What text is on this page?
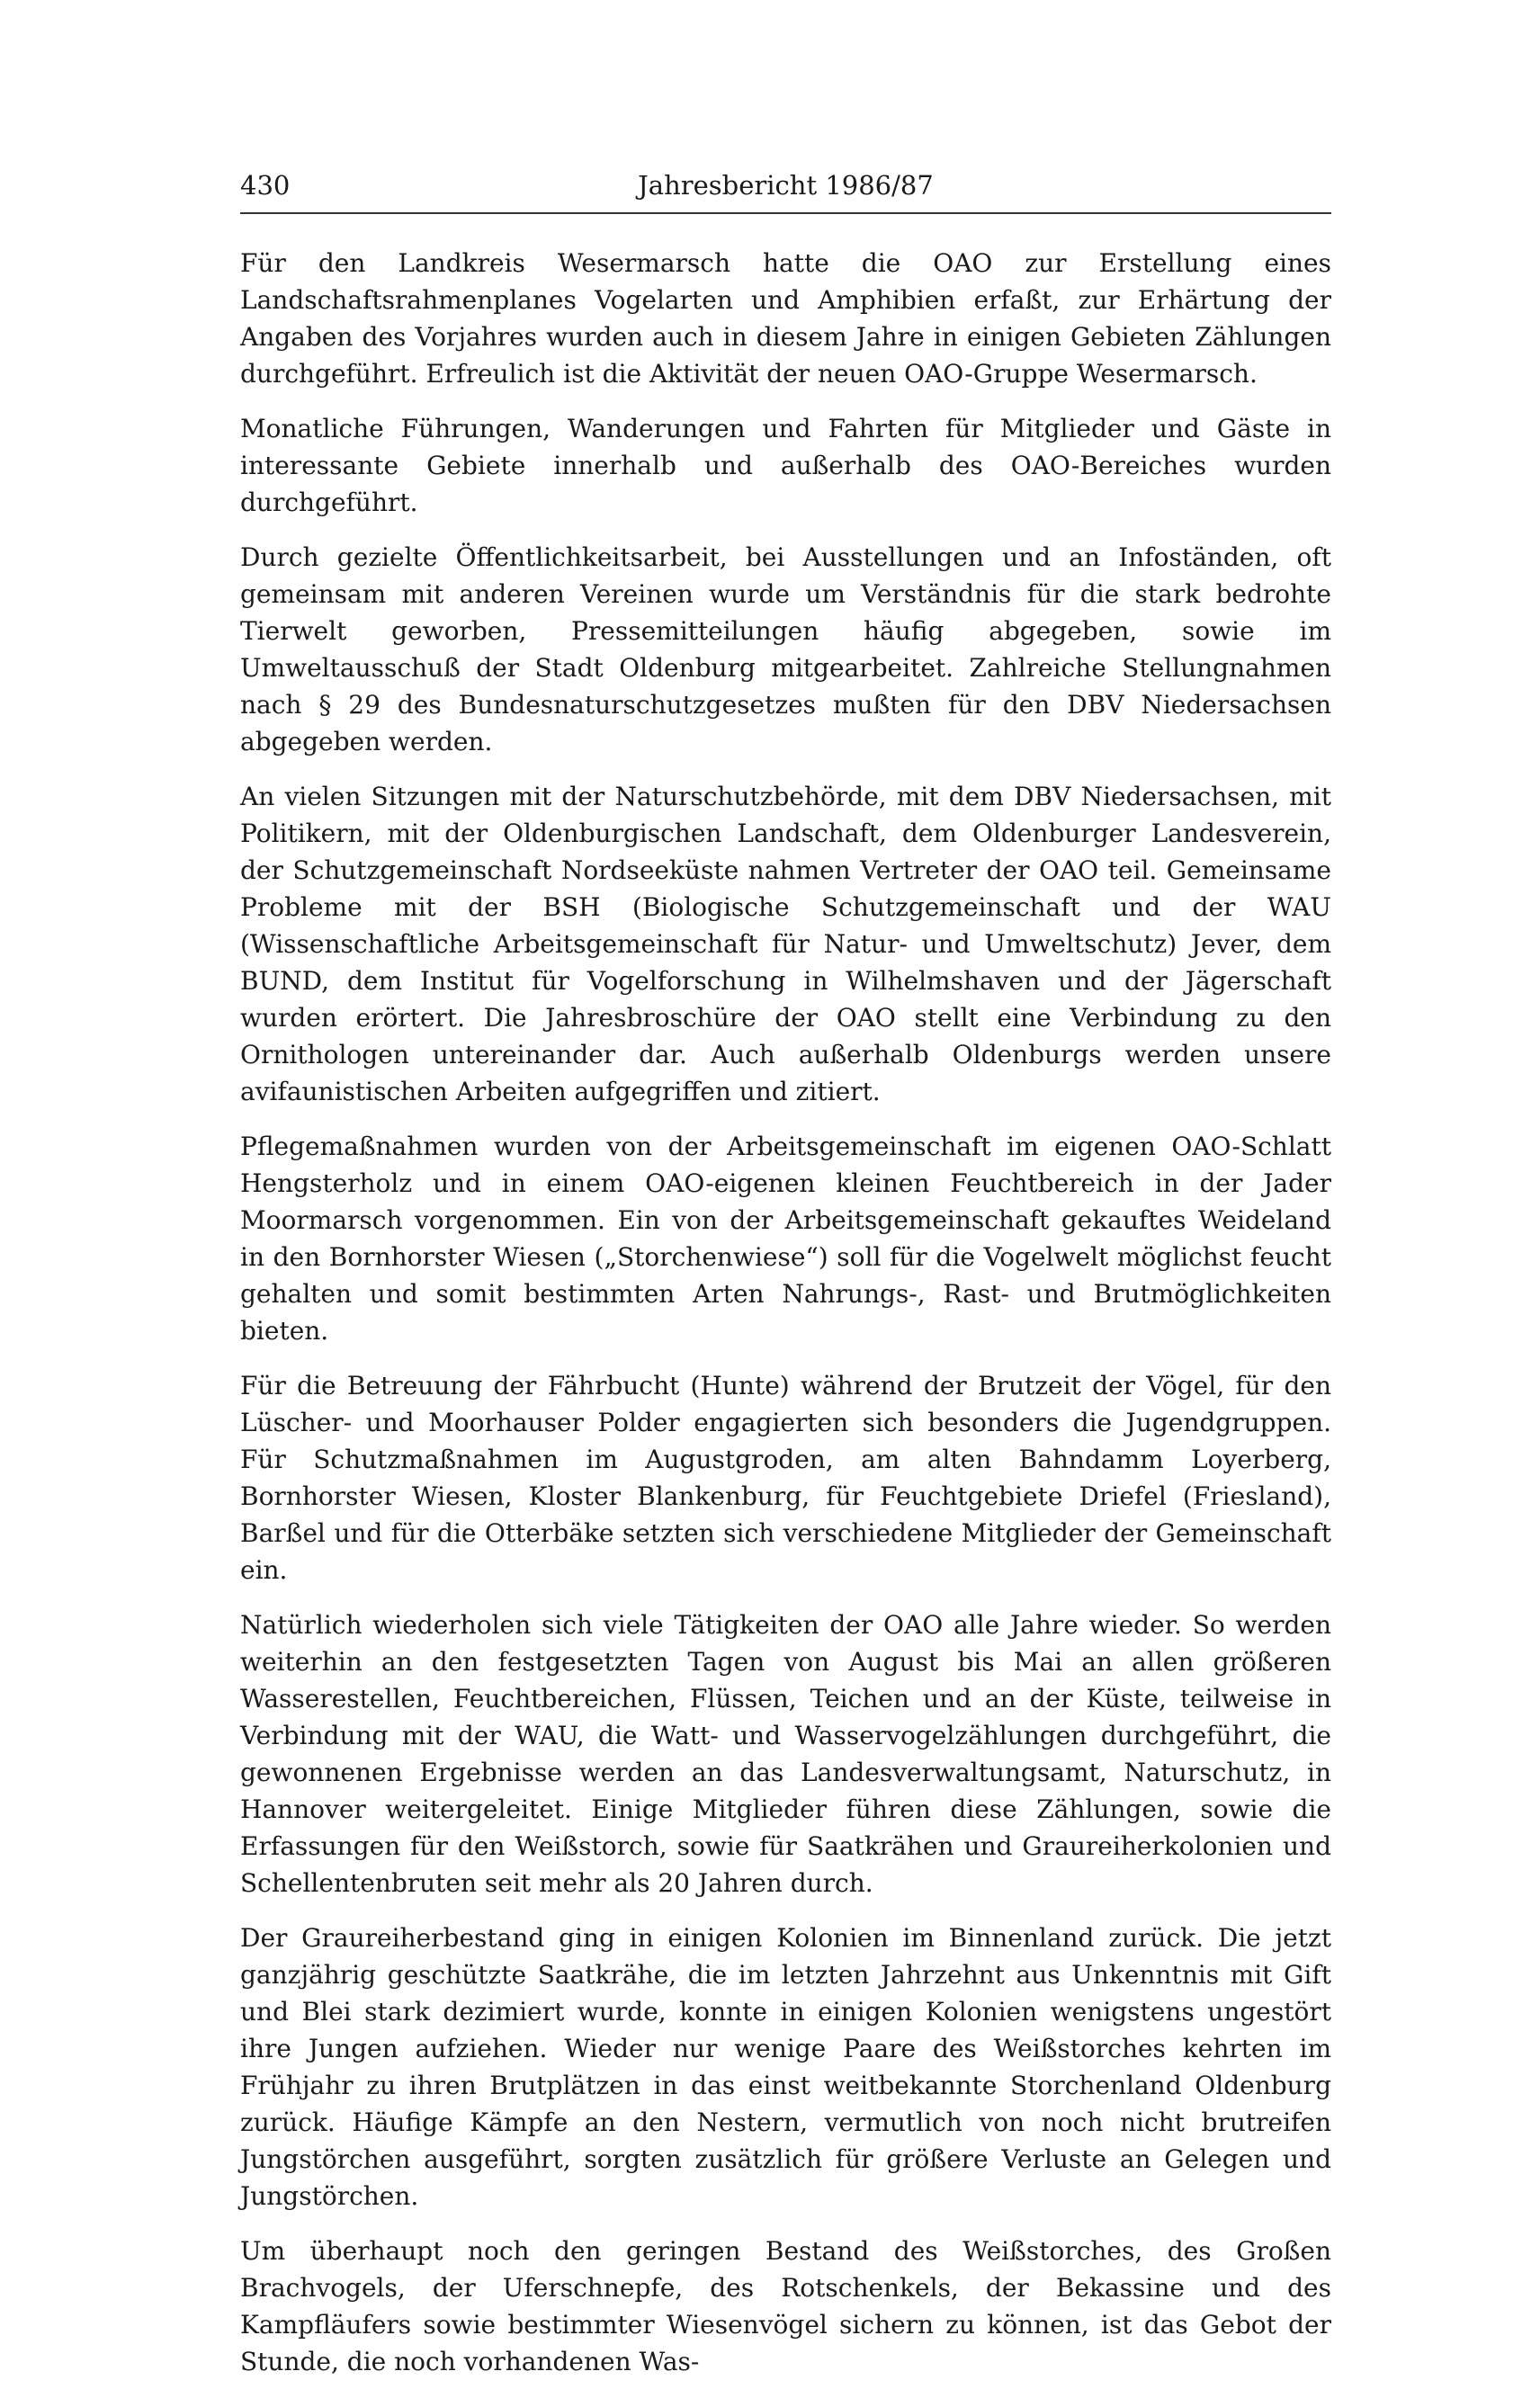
430	Jahresbericht 1986/87

Für den Landkreis Wesermarsch hatte die OAO zur Erstellung eines Landschaftsrahmenplanes Vogelarten und Amphibien erfaßt, zur Erhärtung der Angaben des Vorjahres wurden auch in diesem Jahre in einigen Gebieten Zählungen durchgeführt. Erfreulich ist die Aktivität der neuen OAO-Gruppe Wesermarsch.

Monatliche Führungen, Wanderungen und Fahrten für Mitglieder und Gäste in interessante Gebiete innerhalb und außerhalb des OAO-Bereiches wurden durchgeführt.

Durch gezielte Öffentlichkeitsarbeit, bei Ausstellungen und an Infoständen, oft gemeinsam mit anderen Vereinen wurde um Verständnis für die stark bedrohte Tierwelt geworben, Pressemitteilungen häufig abgegeben, sowie im Umweltausschuß der Stadt Oldenburg mitgearbeitet. Zahlreiche Stellungnahmen nach § 29 des Bundesnaturschutzgesetzes mußten für den DBV Niedersachsen abgegeben werden.

An vielen Sitzungen mit der Naturschutzbehörde, mit dem DBV Niedersachsen, mit Politikern, mit der Oldenburgischen Landschaft, dem Oldenburger Landesverein, der Schutzgemeinschaft Nordseeküste nahmen Vertreter der OAO teil. Gemeinsame Probleme mit der BSH (Biologische Schutzgemeinschaft und der WAU (Wissenschaftliche Arbeitsgemeinschaft für Natur- und Umweltschutz) Jever, dem BUND, dem Institut für Vogelforschung in Wilhelmshaven und der Jägerschaft wurden erörtert. Die Jahresbroschüre der OAO stellt eine Verbindung zu den Ornithologen untereinander dar. Auch außerhalb Oldenburgs werden unsere avifaunistischen Arbeiten aufgegriffen und zitiert.

Pflegemaßnahmen wurden von der Arbeitsgemeinschaft im eigenen OAO-Schlatt Hengsterholz und in einem OAO-eigenen kleinen Feuchtbereich in der Jader Moormarsch vorgenommen. Ein von der Arbeitsgemeinschaft gekauftes Weideland in den Bornhorster Wiesen („Storchenwiese“) soll für die Vogelwelt möglichst feucht gehalten und somit bestimmten Arten Nahrungs-, Rast- und Brutmöglichkeiten bieten.

Für die Betreuung der Fährbucht (Hunte) während der Brutzeit der Vögel, für den Lüscher- und Moorhauser Polder engagierten sich besonders die Jugendgruppen. Für Schutzmaßnahmen im Augustgroden, am alten Bahndamm Loyerberg, Bornhorster Wiesen, Kloster Blankenburg, für Feuchtgebiete Driefel (Friesland), Barßel und für die Otterbäke setzten sich verschiedene Mitglieder der Gemeinschaft ein.

Natürlich wiederholen sich viele Tätigkeiten der OAO alle Jahre wieder. So werden weiterhin an den festgesetzten Tagen von August bis Mai an allen größeren Wasserestellen, Feuchtbereichen, Flüssen, Teichen und an der Küste, teilweise in Verbindung mit der WAU, die Watt- und Wasservogelzählungen durchgeführt, die gewonnenen Ergebnisse werden an das Landesverwaltungsamt, Naturschutz, in Hannover weitergeleitet. Einige Mitglieder führen diese Zählungen, sowie die Erfassungen für den Weißstorch, sowie für Saatkrähen und Graureiherkolonien und Schellentenbruten seit mehr als 20 Jahren durch.

Der Graureiherbestand ging in einigen Kolonien im Binnenland zurück. Die jetzt ganzjährig geschützte Saatkrähe, die im letzten Jahrzehnt aus Unkenntnis mit Gift und Blei stark dezimiert wurde, konnte in einigen Kolonien wenigstens ungestört ihre Jungen aufziehen. Wieder nur wenige Paare des Weißstorches kehrten im Frühjahr zu ihren Brutplätzen in das einst weitbekannte Storchenland Oldenburg zurück. Häufige Kämpfe an den Nestern, vermutlich von noch nicht brutreifen Jungstörchen ausgeführt, sorgten zusätzlich für größere Verluste an Gelegen und Jungstörchen.

Um überhaupt noch den geringen Bestand des Weißstorches, des Großen Brachvogels, der Uferschnepfe, des Rotschenkels, der Bekassine und des Kampfläufers sowie bestimmter Wiesenvögel sichern zu können, ist das Gebot der Stunde, die noch vorhandenen Was-
